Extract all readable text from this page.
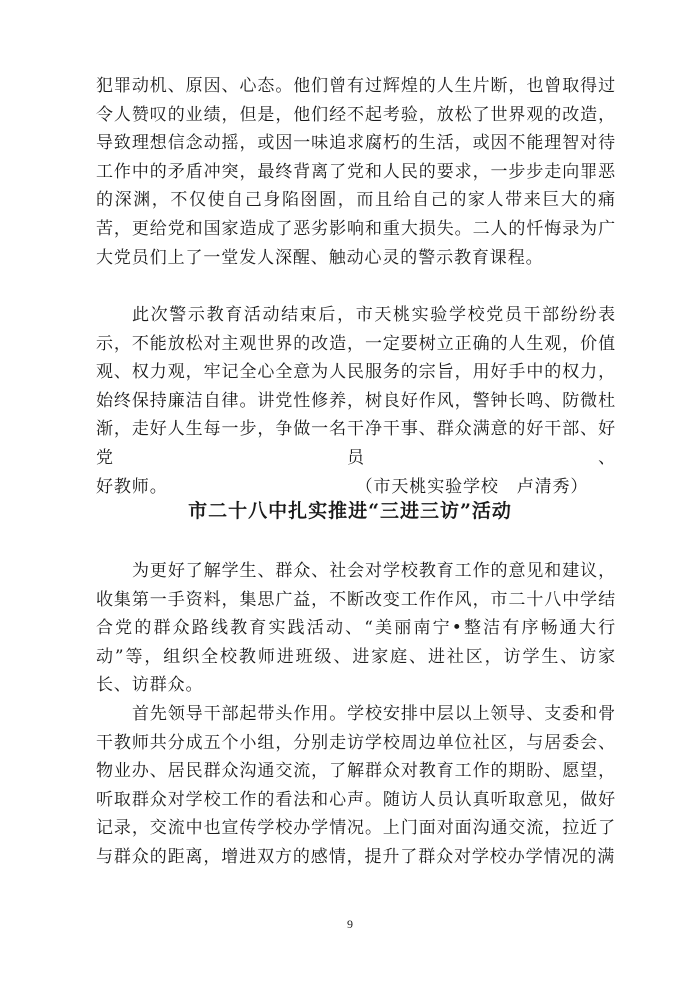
犯罪动机、原因、心态。他们曾有过辉煌的人生片断，也曾取得过令人赞叹的业绩，但是，他们经不起考验，放松了世界观的改造，导致理想信念动摇，或因一味追求腐朽的生活，或因不能理智对待工作中的矛盾冲突，最终背离了党和人民的要求，一步步走向罪恶的深渊，不仅使自己身陷囹圄，而且给自己的家人带来巨大的痛苦，更给党和国家造成了恶劣影响和重大损失。二人的忏悔录为广大党员们上了一堂发人深醒、触动心灵的警示教育课程。

此次警示教育活动结束后，市天桃实验学校党员干部纷纷表示，不能放松对主观世界的改造，一定要树立正确的人生观，价值观、权力观，牢记全心全意为人民服务的宗旨，用好手中的权力，始终保持廉洁自律。讲党性修养，树良好作风，警钟长鸣、防微杜渐，走好人生每一步，争做一名干净干事、群众满意的好干部、好党员、好教师。	（市天桃实验学校　卢清秀）
市二十八中扎实推进“三进三访”活动

为更好了解学生、群众、社会对学校教育工作的意见和建议，收集第一手资料，集思广益，不断改变工作作风，市二十八中学结合党的群众路线教育实践活动、“美丽南宁•整洁有序畅通大行动”等，组织全校教师进班级、进家庭、进社区，访学生、访家长、访群众。

首先领导干部起带头作用。学校安排中层以上领导、支委和骨干教师共分成五个小组，分别走访学校周边单位社区，与居委会、物业办、居民群众沟通交流，了解群众对教育工作的期盼、愿望，听取群众对学校工作的看法和心声。随访人员认真听取意见，做好记录，交流中也宣传学校办学情况。上门面对面沟通交流，拉近了与群众的距离，增进双方的感情，提升了群众对学校办学情况的满

9
